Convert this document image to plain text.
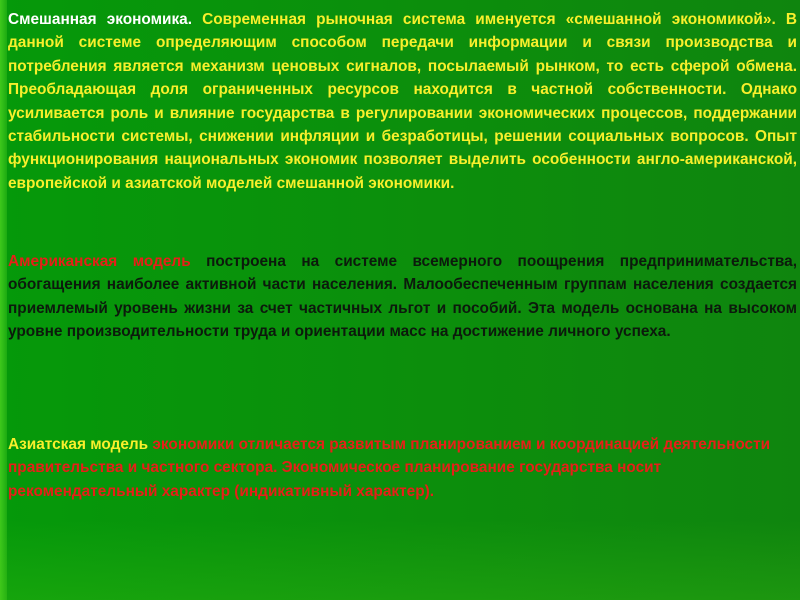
Смешанная экономика. Современная рыночная система именуется «смешанной экономикой». В данной системе определяющим способом передачи информации и связи производства и потребления является механизм ценовых сигналов, посылаемый рынком, то есть сферой обмена. Преобладающая доля ограниченных ресурсов находится в частной собственности. Однако усиливается роль и влияние государства в регулировании экономических процессов, поддержании стабильности системы, снижении инфляции и безработицы, решении социальных вопросов. Опыт функционирования национальных экономик позволяет выделить особенности англо-американской, европейской и азиатской моделей смешанной экономики.

Американская модель построена на системе всемерного поощрения предпринимательства, обогащения наиболее активной части населения. Малообеспеченным группам населения создается приемлемый уровень жизни за счет частичных льгот и пособий. Эта модель основана на высоком уровне производительности труда и ориентации масс на достижение личного успеха.

Азиатская модель экономики отличается развитым планированием и координацией деятельности правительства и частного сектора. Экономическое планирование государства носит рекомендательный характер (индикативный характер).
